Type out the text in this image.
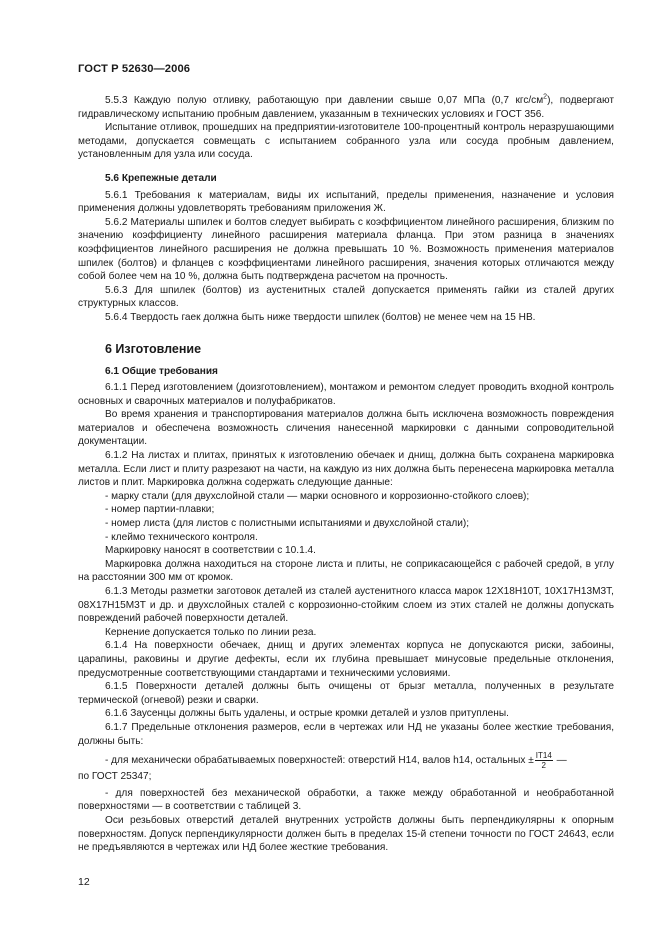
ГОСТ Р 52630—2006

5.5.3 Каждую полую отливку, работающую при давлении свыше 0,07 МПа (0,7 кгс/$см^2$), подвергают гидравлическому испытанию пробным давлением, указанным в технических условиях и ГОСТ 356.

Испытание отливок, прошедших на предприятии-изготовителе 100-процентный контроль неразрушающими методами, допускается совмещать с испытанием собранного узла или сосуда пробным давлением, установленным для узла или сосуда.

5.6 Крепежные детали

5.6.1 Требования к материалам, виды их испытаний, пределы применения, назначение и условия применения должны удовлетворять требованиям приложения Ж.

5.6.2 Материалы шпилек и болтов следует выбирать с коэффициентом линейного расширения, близким по значению коэффициенту линейного расширения материала фланца. При этом разница в значениях коэффициентов линейного расширения не должна превышать 10 %. Возможность применения материалов шпилек (болтов) и фланцев с коэффициентами линейного расширения, значения которых отличаются между собой более чем на 10 %, должна быть подтверждена расчетом на прочность.

5.6.3 Для шпилек (болтов) из аустенитных сталей допускается применять гайки из сталей других структурных классов.

5.6.4 Твердость гаек должна быть ниже твердости шпилек (болтов) не менее чем на 15 НВ.

6 Изготовление

6.1 Общие требования

6.1.1 Перед изготовлением (доизготовлением), монтажом и ремонтом следует проводить входной контроль основных и сварочных материалов и полуфабрикатов.

Во время хранения и транспортирования материалов должна быть исключена возможность повреждения материалов и обеспечена возможность сличения нанесенной маркировки с данными сопроводительной документации.

6.1.2 На листах и плитах, принятых к изготовлению обечаек и днищ, должна быть сохранена маркировка металла. Если лист и плиту разрезают на части, на каждую из них должна быть перенесена маркировка металла листов и плит. Маркировка должна содержать следующие данные:

- марку стали (для двухслойной стали — марки основного и коррозионно-стойкого слоев);

- номер партии-плавки;

- номер листа (для листов с полистными испытаниями и двухслойной стали);

- клеймо технического контроля.

Маркировку наносят в соответствии с 10.1.4.

Маркировка должна находиться на стороне листа и плиты, не соприкасающейся с рабочей средой, в углу на расстоянии 300 мм от кромок.

6.1.3 Методы разметки заготовок деталей из сталей аустенитного класса марок 12Х18Н10Т, 10Х17Н13М3Т, 08Х17Н15М3Т и др. и двухслойных сталей с коррозионно-стойким слоем из этих сталей не должны допускать повреждений рабочей поверхности деталей.

Кернение допускается только по линии реза.

6.1.4 На поверхности обечаек, днищ и других элементах корпуса не допускаются риски, забоины, царапины, раковины и другие дефекты, если их глубина превышает минусовые предельные отклонения, предусмотренные соответствующими стандартами и техническими условиями.

6.1.5 Поверхности деталей должны быть очищены от брызг металла, полученных в результате термической (огневой) резки и сварки.

6.1.6 Заусенцы должны быть удалены, и острые кромки деталей и узлов притуплены.

6.1.7 Предельные отклонения размеров, если в чертежах или НД не указаны более жесткие требования, должны быть:

- для механически обрабатываемых поверхностей: отверстий Н14, валов h14, остальных ± $\frac{IT14}{2}$ —

по ГОСТ 25347;

- для поверхностей без механической обработки, а также между обработанной и необработанной поверхностями — в соответствии с таблицей 3.

Оси резьбовых отверстий деталей внутренних устройств должны быть перпендикулярны к опорным поверхностям. Допуск перпендикулярности должен быть в пределах 15-й степени точности по ГОСТ 24643, если не предъявляются в чертежах или НД более жесткие требования.

12
